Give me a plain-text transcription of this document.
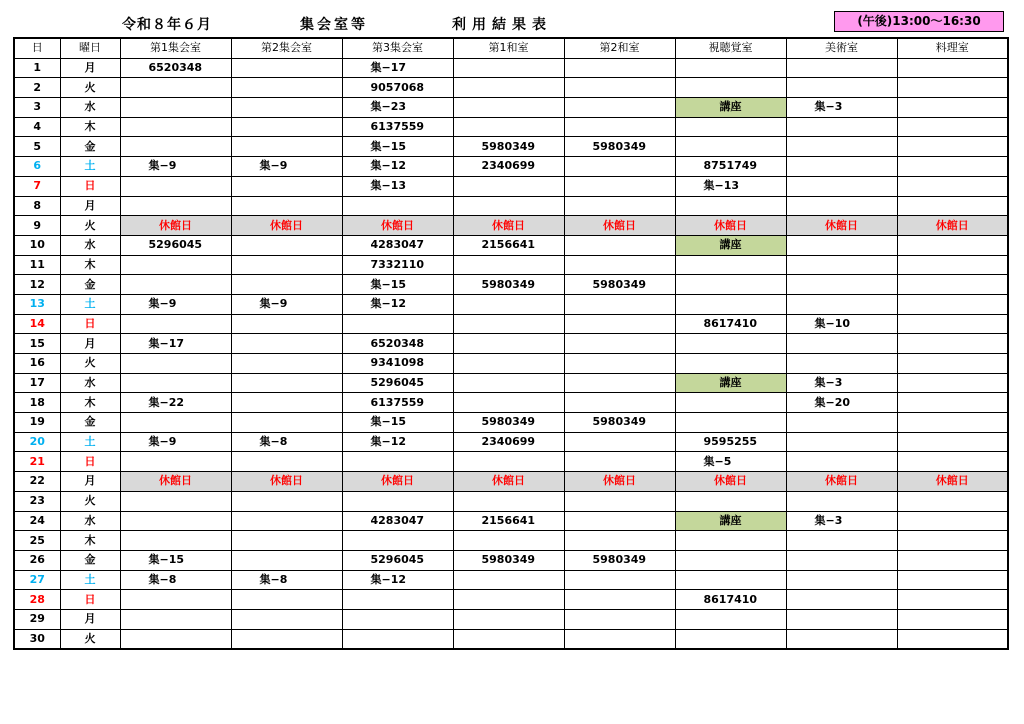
令和８年６月	集会室等	利用結果表	(午後)13:00〜16:30
日	曜日	第1集会室	第2集会室	第3集会室	第1和室	第2和室	視聴覚室	美術室	料理室
1	月	6520348		集−17					
2	火			9057068					
3	水			集−23			講座	集−3	
4	木			6137559					
5	金			集−15	5980349	5980349			
6	土	集−9	集−9	集−12	2340699		8751749		
7	日			集−13			集−13		
8	月								
9	火	休館日	休館日	休館日	休館日	休館日	休館日	休館日	休館日
10	水	5296045		4283047	2156641		講座		
11	木			7332110					
12	金			集−15	5980349	5980349			
13	土	集−9	集−9	集−12					
14	日						8617410	集−10	
15	月	集−17		6520348					
16	火			9341098					
17	水			5296045			講座	集−3	
18	木	集−22		6137559				集−20	
19	金			集−15	5980349	5980349			
20	土	集−9	集−8	集−12	2340699		9595255		
21	日						集−5		
22	月	休館日	休館日	休館日	休館日	休館日	休館日	休館日	休館日
23	火								
24	水			4283047	2156641		講座	集−3	
25	木								
26	金	集−15		5296045	5980349	5980349			
27	土	集−8	集−8	集−12					
28	日						8617410		
29	月								
30	火								
